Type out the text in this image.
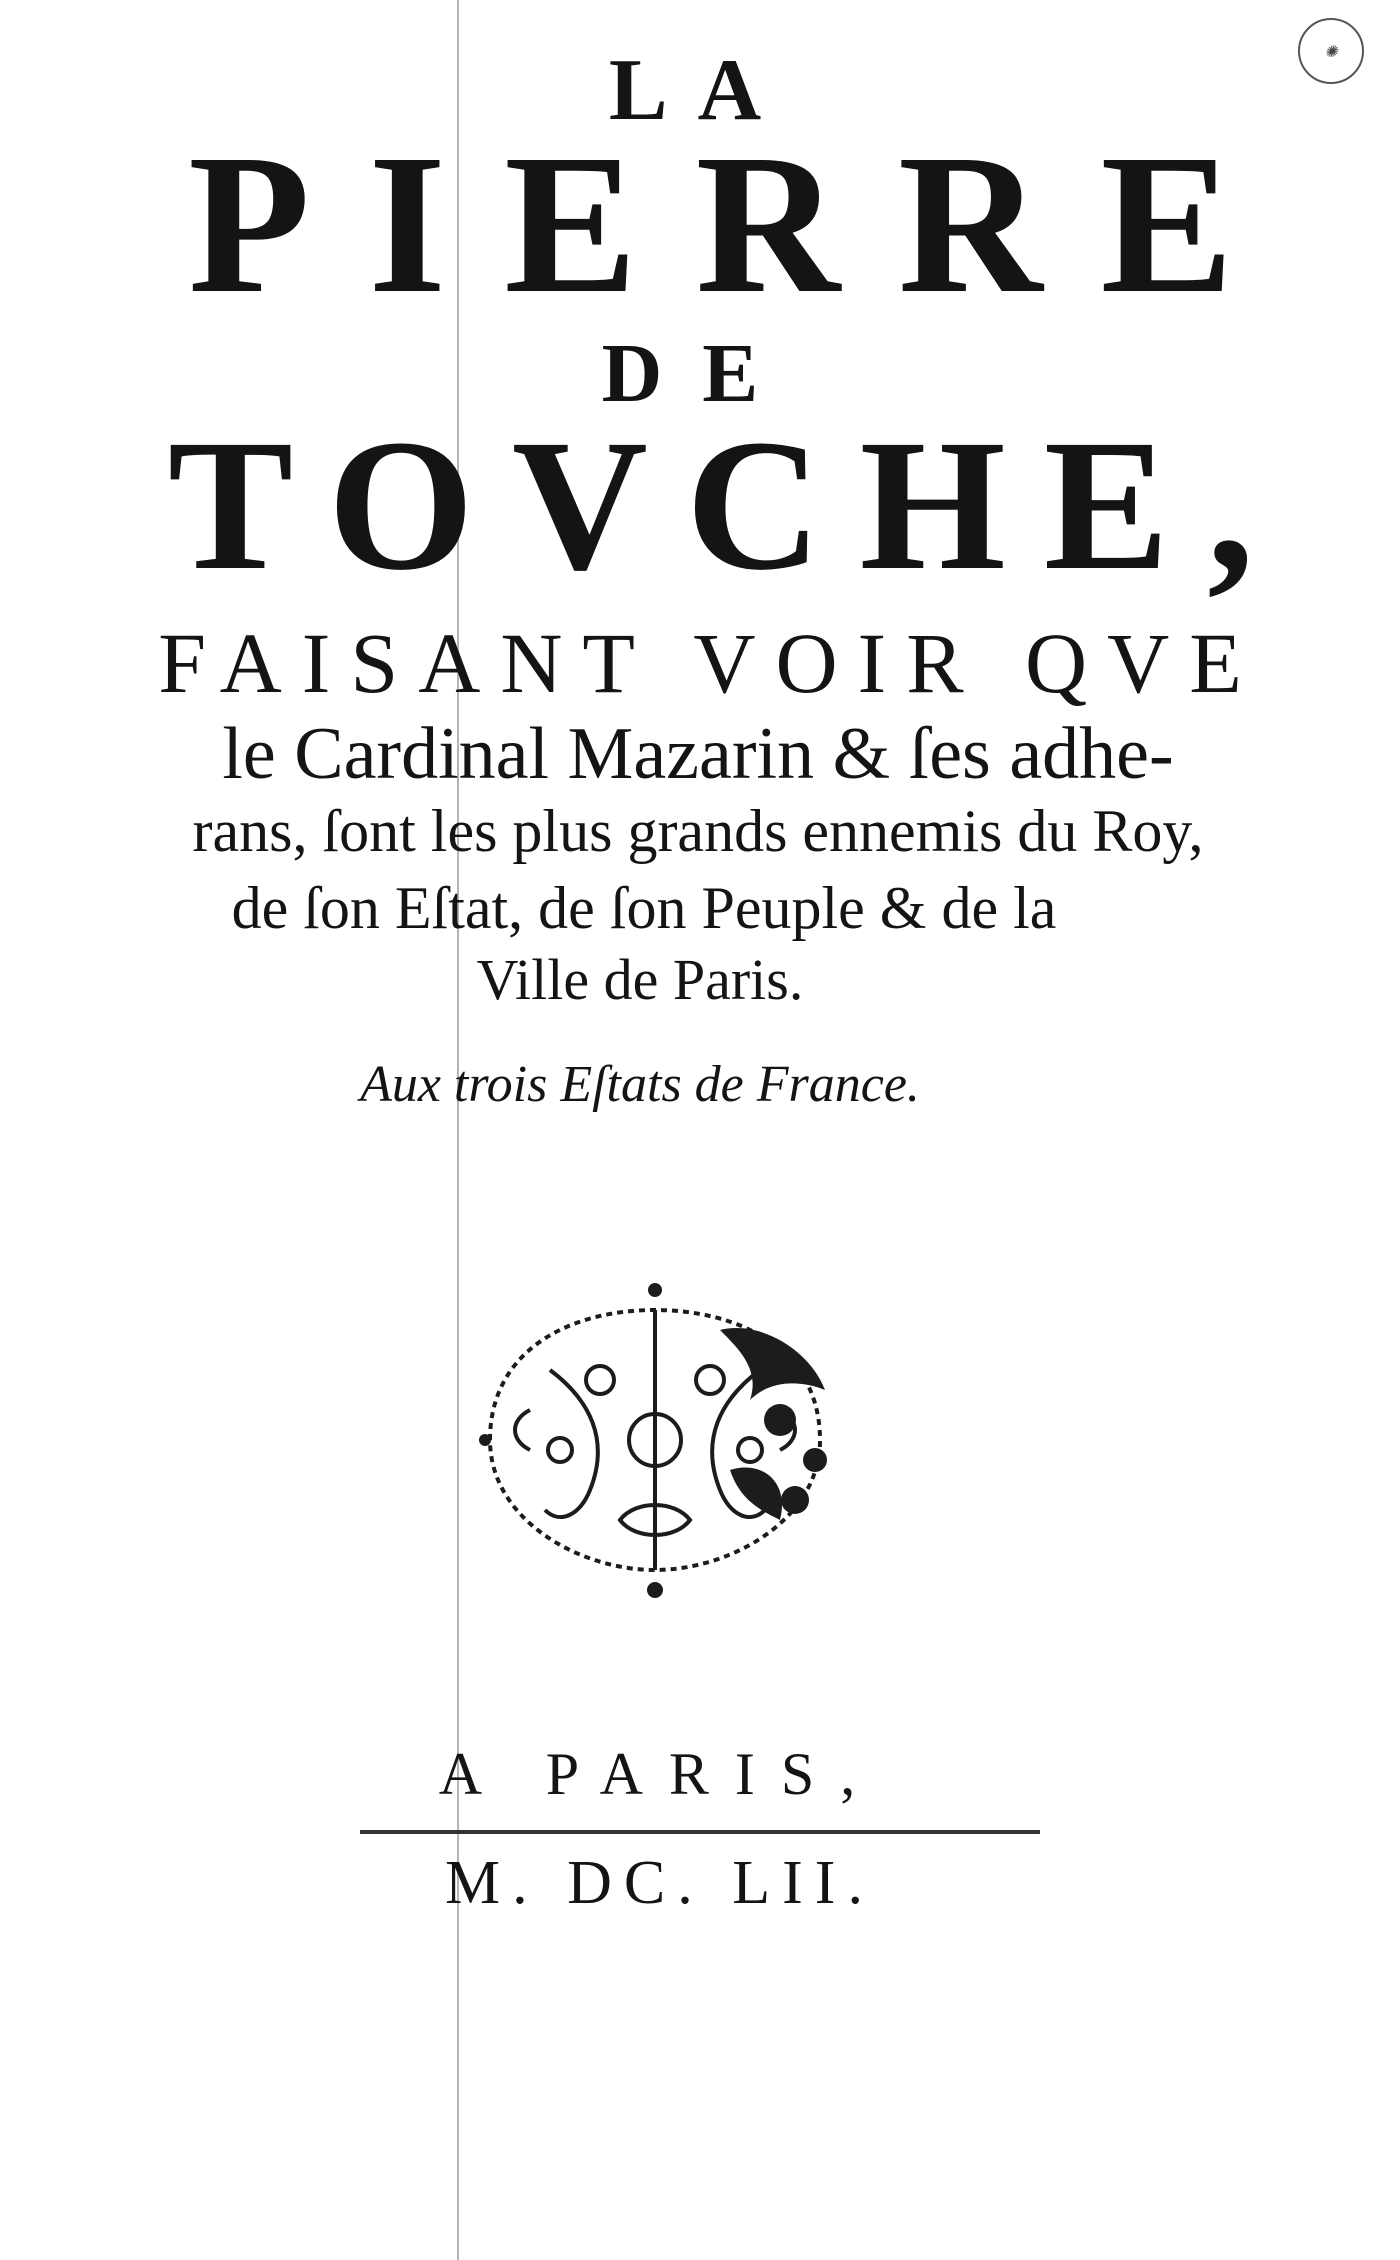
✺
LA
PIERRE
DE
TOVCHE,
FAISANT VOIR QVE
le Cardinal Mazarin & ſes adhe-
rans, ſont les plus grands ennemis du Roy,
de ſon Eſtat, de ſon Peuple & de la
Ville de Paris.
Aux trois Eſtats de France.
A PARIS,
M. DC. LII.
